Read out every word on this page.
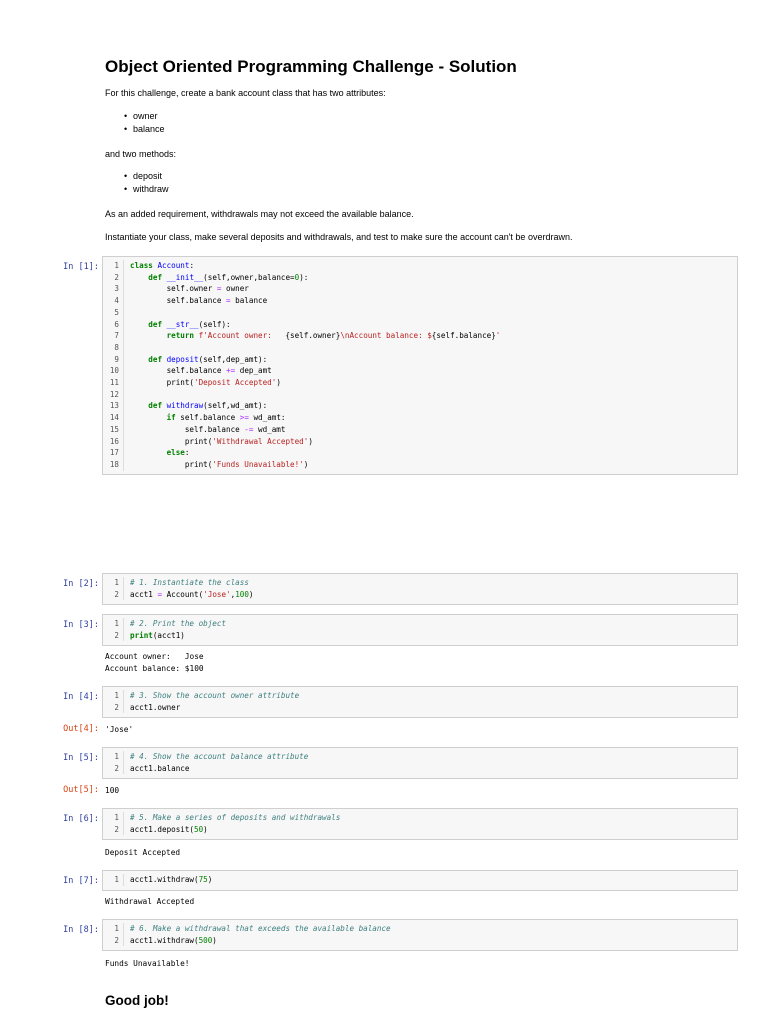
Object Oriented Programming Challenge - Solution
For this challenge, create a bank account class that has two attributes:
• owner
• balance
and two methods:
• deposit
• withdraw
As an added requirement, withdrawals may not exceed the available balance.
Instantiate your class, make several deposits and withdrawals, and test to make sure the account can't be overdrawn.
In [1]:	1	class Account:
2	def __init__(self,owner,balance=0):
3	self.owner = owner
4	self.balance = balance
5

6	def __str__(self):
7	return f'Account owner:   {self.owner}\nAccount balance: ${self.balance}'
8

9	def deposit(self,dep_amt):
10	self.balance += dep_amt
11	print('Deposit Accepted')
12

13	def withdraw(self,wd_amt):
14	if self.balance >= wd_amt:
15	self.balance -= wd_amt
16	print('Withdrawal Accepted')
17	else:
18	print('Funds Unavailable!')
In [2]:	1	# 1. Instantiate the class
2	acct1 = Account('Jose',100)
In [3]:	1	# 2. Print the object
2	print(acct1)
Account owner:   Jose
Account balance: $100
In [4]:	1	# 3. Show the account owner attribute
2	acct1.owner
Out[4]: 'Jose'
In [5]:	1	# 4. Show the account balance attribute
2	acct1.balance
Out[5]: 100
In [6]:	1	# 5. Make a series of deposits and withdrawals
2	acct1.deposit(50)
Deposit Accepted
In [7]:	1	acct1.withdraw(75)
Withdrawal Accepted
In [8]:	1	# 6. Make a withdrawal that exceeds the available balance
2	acct1.withdraw(500)
Funds Unavailable!
Good job!
